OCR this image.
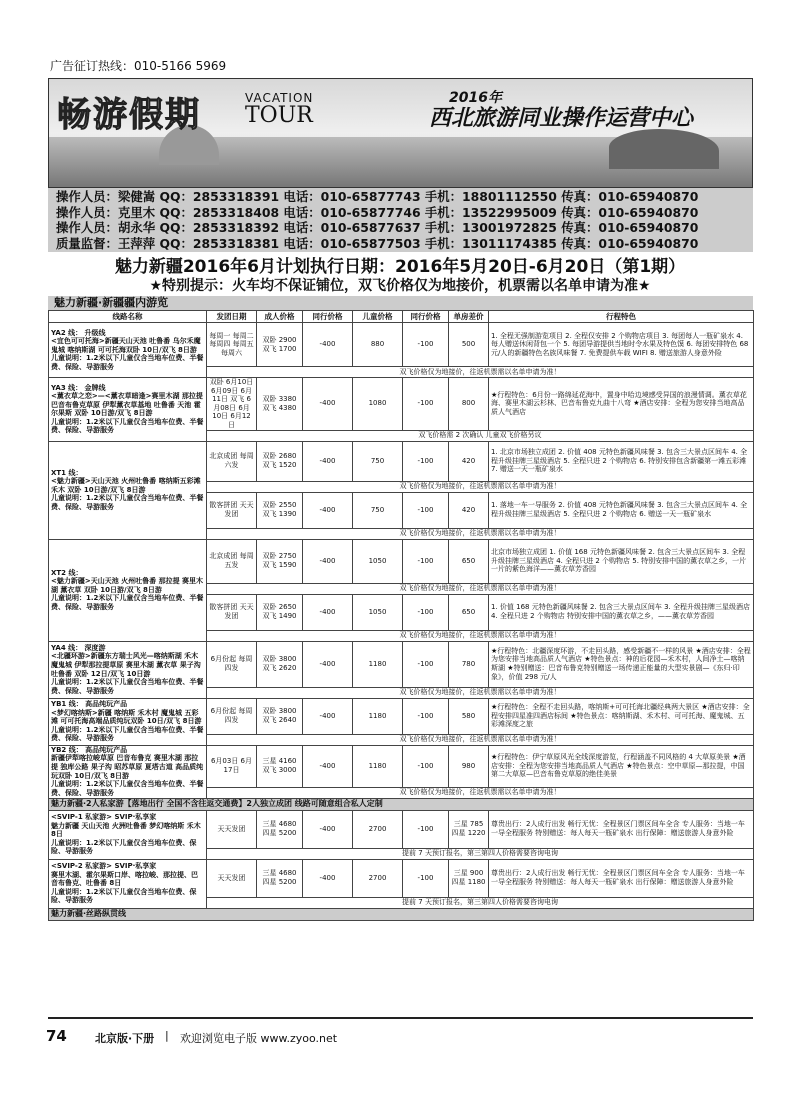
广告征订热线：010-5166 5969
畅游假期	VACATION
TOUR
2016年
西北旅游同业操作运营中心
操作人员：梁健嵩 QQ：2853318391 电话：010-65877743 手机：18801112550 传真：010-65940870
操作人员：克里木 QQ：2853318408 电话：010-65877746 手机：13522995009 传真：010-65940870
操作人员：胡永华 QQ：2853318392 电话：010-65877637 手机：13001972825 传真：010-65940870
质量监督：王萍萍 QQ：2853318381 电话：010-65877503 手机：13011174385 传真：010-65940870
魅力新疆2016年6月计划执行日期：2016年5月20日-6月20日（第1期）
★特别提示：火车均不保证铺位，双飞价格仅为地接价，机票需以名单申请为准★
魅力新疆·新疆疆内游览
线路名称	发团日期	成人价格	同行价格	儿童价格	同行价格	单房差价	行程特色

YA2 线： 升级线
<宜色可可托海>新疆天山天池 吐鲁番 乌尔禾魔鬼城 喀纳斯湖 可可托海双卧 10日/双飞 8日游
儿童说明：1.2米以下儿童仅含当地车位费、半餐费、保险、导游服务	每周一 每周二 每周四 每周五 每周六	双卧 2900 双飞 1700	-400	880	-100	500	1. 全程无强制游览项目 2. 全程仅安排 2 个购物店项目 3. 每团每人一瓶矿泉水 4. 每人赠送休闲背包一个 5. 每团导游提供当地时令水果及特色馍 6. 每团安排特色 68 元/人的新疆特色名族风味餐 7. 免费提供车载 WIFI 8. 赠送旅游人身意外险
	双飞价格仅为地接价，往返机票需以名单申请为准！						

YA3 线： 金牌线
<薰衣草之恋>—<薰衣草暗逢>赛里木湖 那拉提 巴音布鲁克草原 伊犁薰衣草基地 吐鲁番 天池 霍尔果斯 双卧 10日游/双飞 8日游
儿童说明：1.2米以下儿童仅含当地车位费、半餐费、保险、导游服务	双卧 6月10日 6月09日 6月11日 双飞 6月08日 6月10日 6月12日	双卧 3380 双飞 4380	-400	1080	-100	800	★行程特色：6月份一路绵延花海中，置身中哈边境感受异国的浪漫情调。薰衣草花海、赛里木湖云杉林、巴音布鲁克九曲十八弯 ★酒店安排：全程为您安排当地高品质人气酒店
	双飞价格需 2 次确认 儿童双飞价格另议						

XT1 线：
<魅力新疆>天山天池 火州吐鲁番 喀纳斯五彩滩 禾木 双卧 10日游/双飞 8日游
儿童说明：1.2米以下儿童仅含当地车位费、半餐费、保险、导游服务	北京成团 每周六发	双卧 2680 双飞 1520	-400	750	-100	420	1. 北京市场独立成团 2. 价值 408 元特色新疆风味餐 3. 包含三大景点区间车 4. 全程升级挂牌三星级酒店 5. 全程只进 2 个购物店 6. 特别安排包含新疆第一滩五彩滩 7. 赠送一天一瓶矿泉水
	双飞价格仅为地接价，往返机票需以名单申请为准！						
	散客拼团 天天发团	双卧 2550 双飞 1390	-400	750	-100	420	1. 落地一车一导服务 2. 价值 408 元特色新疆风味餐 3. 包含三大景点区间车 4. 全程升级挂牌三星级酒店 5. 全程只进 2 个购物店 6. 赠送一天一瓶矿泉水
	双飞价格仅为地接价，往返机票需以名单申请为准！						

XT2 线：
<魅力新疆>天山天池 火州吐鲁番 那拉提 赛里木湖 薰衣草 双卧 10日游/双飞 8日游
儿童说明：1.2米以下儿童仅含当地车位费、半餐费、保险、导游服务	北京成团 每周五发	双卧 2750 双飞 1590	-400	1050	-100	650	北京市场独立成团 1. 价值 168 元特色新疆风味餐 2. 包含三大景点区间车 3. 全程升级挂牌三星级酒店 4. 全程只进 2 个购物店 5. 特别安排中国的薰衣草之乡，一片一片的紫色海洋——薰衣草芳香园
	双飞价格仅为地接价，往返机票需以名单申请为准！						
	散客拼团 天天发团	双卧 2650 双飞 1490	-400	1050	-100	650	1. 价值 168 元特色新疆风味餐 2. 包含三大景点区间车 3. 全程升级挂牌三星级酒店 4. 全程只进 2 个购物店 特别安排中国的薰衣草之乡，——薰衣草芳香园
	双飞价格仅为地接价，往返机票需以名单申请为准！						

YA4 线： 深度游
<北疆环游>新疆东方瑞士风光—喀纳斯湖 禾木 魔鬼城 伊犁那拉提草原 赛里木湖 薰衣草 果子沟 吐鲁番 双卧 12日/双飞 10日游
儿童说明：1.2米以下儿童仅含当地车位费、半餐费、保险、导游服务	6月份起 每周四发	双卧 3800 双飞 2620	-400	1180	-100	780	★行程特色：北疆深度环游，不走回头路，感受新疆不一样的风景 ★酒店安排：全程为您安排当地高品质人气酒店 ★特色景点：神的后花园—禾木村，人间净土—喀纳斯湖 ★特别赠送：巴音布鲁克特别赠送一场传递正能量的大型实景剧—《东归·印象》，价值 298 元/人
	双飞价格仅为地接价，往返机票需以名单申请为准！						

YB1 线： 高品纯玩产品
<梦幻喀纳斯>新疆 喀纳斯 禾木村 魔鬼城 五彩滩 可可托海高端品质纯玩双卧 10日/双飞 8日游
儿童说明：1.2米以下儿童仅含当地车位费、半餐费、保险、导游服务	6月份起 每周四发	双卧 3800 双飞 2640	-400	1180	-100	580	★行程特色：全程不走回头路，喀纳斯+可可托海北疆经典两大景区 ★酒店安排：全程安排四星准四酒店标间 ★特色景点：喀纳斯湖、禾木村、可可托海、魔鬼城、五彩滩深度之旅
	双飞价格仅为地接价，往返机票需以名单申请为准！						

YB2 线： 高品纯玩产品
新疆伊犁喀拉峻草原 巴音布鲁克 赛里木湖 那拉提 独库公路 果子沟 昭苏草原 夏塔古道 高品质纯玩双卧 10日/双飞 8日游
儿童说明：1.2米以下儿童仅含当地车位费、半餐费、保险、导游服务	6月03日 6月17日	三星 4160 双飞 3000	-400	1180	-100	980	★行程特色：伊宁草原风光全线深度游览，行程涵盖不同风格的 4 大草原美景 ★酒店安排：全程为您安排当地高品质人气酒店 ★特色景点：空中草原—那拉提，中国第二大草原—巴音布鲁克草原的绝佳美景
	双飞价格仅为地接价，往返机票需以名单申请为准！						
魅力新疆·2人私家游【落地出行 全国不含往返交通费】2人独立成团 线路可随意组合私人定制							

<SVIP-1 私家游> SVIP·私享家
魅力新疆 天山天池 火洲吐鲁番 梦幻喀纳斯 禾木 8日
儿童说明：1.2米以下儿童仅含当地车位费、保险、导游服务	天天发团	三星 4680 四星 5200	-400	2700	-100	三星 785 四星 1220	尊贵出行：2人成行出发 畅行无忧：全程景区门票区间车全含 专人服务：当地一车一导全程服务 特别赠送：每人每天一瓶矿泉水 出行保障：赠送旅游人身意外险
	提前 7 天预订报名，第三第四人价格需要咨询电询						

<SVIP-2 私家游> SVIP·私享家
赛里木湖、霍尔果斯口岸、喀拉峻、那拉提、巴音布鲁克、吐鲁番 8日
儿童说明：1.2米以下儿童仅含当地车位费、保险、导游服务	天天发团	三星 4680 四星 5200	-400	2700	-100	三星 900 四星 1180	尊贵出行：2人成行出发 畅行无忧：全程景区门票区间车全含 专人服务：当地一车一导全程服务 特别赠送：每人每天一瓶矿泉水 出行保障：赠送旅游人身意外险
	提前 7 天预订报名，第三第四人价格需要咨询电询						
魅力新疆·丝路纵贯线							
74	北京版·下册 | 欢迎浏览电子版 www.zyoo.net
